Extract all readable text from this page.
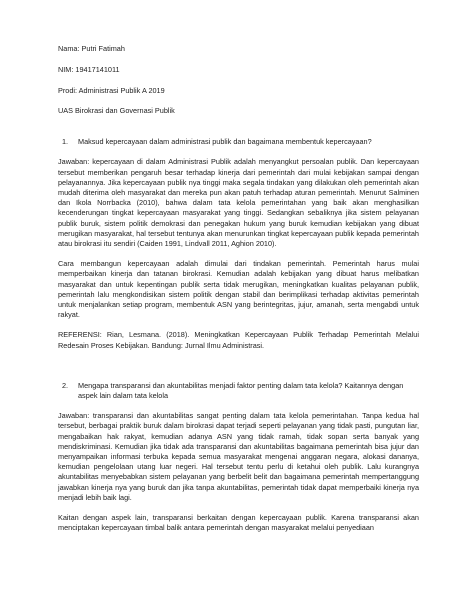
Nama: Putri Fatimah

NIM: 19417141011

Prodi: Administrasi Publik A 2019

UAS Birokrasi dan Governasi Publik

1.	Maksud kepercayaan dalam administrasi publik dan bagaimana membentuk kepercayaan?

Jawaban: kepercayaan di dalam Administrasi Publik adalah menyangkut persoalan publik. Dan kepercayaan tersebut memberikan pengaruh besar terhadap kinerja dari pemerintah dari mulai kebijakan sampai dengan pelayanannya. Jika kepercayaan publik nya tinggi maka segala tindakan yang dilakukan oleh pemerintah akan mudah diterima oleh masyarakat dan mereka pun akan patuh terhadap aturan pemerintah. Menurut Salminen dan Ikola Norrbacka (2010), bahwa dalam tata kelola pemerintahan yang baik akan menghasilkan kecenderungan tingkat kepercayaan masyarakat yang tinggi. Sedangkan sebaliknya jika sistem pelayanan publik buruk, sistem politik demokrasi dan penegakan hukum yang buruk kemudian kebijakan yang dibuat merugikan masyarakat, hal tersebut tentunya akan menurunkan tingkat kepercayaan publik kepada pemerintah atau birokrasi itu sendiri (Caiden 1991, Lindvall 2011, Aghion 2010).

Cara membangun kepercayaan adalah dimulai dari tindakan pemerintah. Pemerintah harus mulai memperbaikan kinerja dan tatanan birokrasi. Kemudian adalah kebijakan yang dibuat harus melibatkan masyarakat dan untuk kepentingan publik serta tidak merugikan, meningkatkan kualitas pelayanan publik, pemerintah lalu mengkondisikan sistem politik dengan stabil dan berimplikasi terhadap aktivitas pemerintah untuk menjalankan setiap program, membentuk ASN yang berintegritas, jujur, amanah, serta mengabdi untuk rakyat.

REFERENSI: Rian, Lesmana. (2018). Meningkatkan Kepercayaan Publik Terhadap Pemerintah Melalui Redesain Proses Kebijakan. Bandung: Jurnal Ilmu Administrasi.

2.	Mengapa transparansi dan akuntabilitas menjadi faktor penting dalam tata kelola? Kaitannya dengan aspek lain dalam tata kelola

Jawaban: transparansi dan akuntabilitas sangat penting dalam tata kelola pemerintahan. Tanpa kedua hal tersebut, berbagai praktik buruk dalam birokrasi dapat terjadi seperti pelayanan yang tidak pasti, pungutan liar, mengabaikan hak rakyat, kemudian adanya ASN yang tidak ramah, tidak sopan serta banyak yang mendiskriminasi. Kemudian jika tidak ada transparansi dan akuntabilitas bagaimana pemerintah bisa jujur dan menyampaikan informasi terbuka kepada semua masyarakat mengenai anggaran negara, alokasi dananya, kemudian pengelolaan utang luar negeri. Hal tersebut tentu perlu di ketahui oleh publik. Lalu kurangnya akuntabilitas menyebabkan sistem pelayanan yang berbelit belit dan bagaimana pemerintah mempertanggung jawabkan kinerja nya yang buruk dan jika tanpa akuntabilitas, pemerintah tidak dapat memperbaiki kinerja nya menjadi lebih baik lagi.

Kaitan dengan aspek lain, transparansi berkaitan dengan kepercayaan publik. Karena transparansi akan menciptakan kepercayaan timbal balik antara pemerintah dengan masyarakat melalui penyediaan
